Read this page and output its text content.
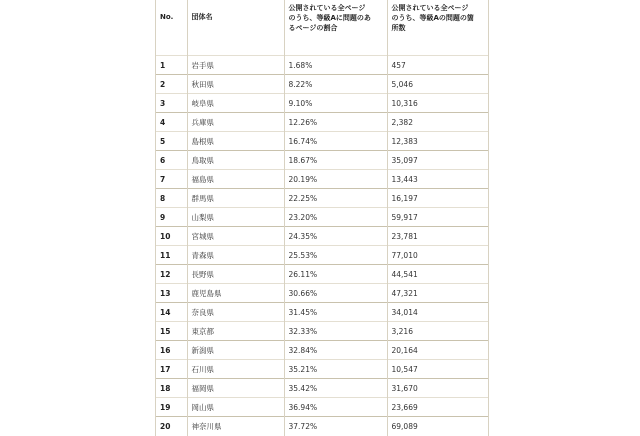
No.	団体名	公開されている全ページ
のうち、等級Aに問題のあ
るページの割合	公開されている全ページ
のうち、等級Aの問題の箇
所数

1	岩手県	1.68%	457
2	秋田県	8.22%	5,046
3	岐阜県	9.10%	10,316
4	兵庫県	12.26%	2,382
5	島根県	16.74%	12,383
6	鳥取県	18.67%	35,097
7	福島県	20.19%	13,443
8	群馬県	22.25%	16,197
9	山梨県	23.20%	59,917
10	宮城県	24.35%	23,781
11	青森県	25.53%	77,010
12	長野県	26.11%	44,541
13	鹿児島県	30.66%	47,321
14	奈良県	31.45%	34,014
15	東京都	32.33%	3,216
16	新潟県	32.84%	20,164
17	石川県	35.21%	10,547
18	福岡県	35.42%	31,670
19	岡山県	36.94%	23,669
20	神奈川県	37.72%	69,089
